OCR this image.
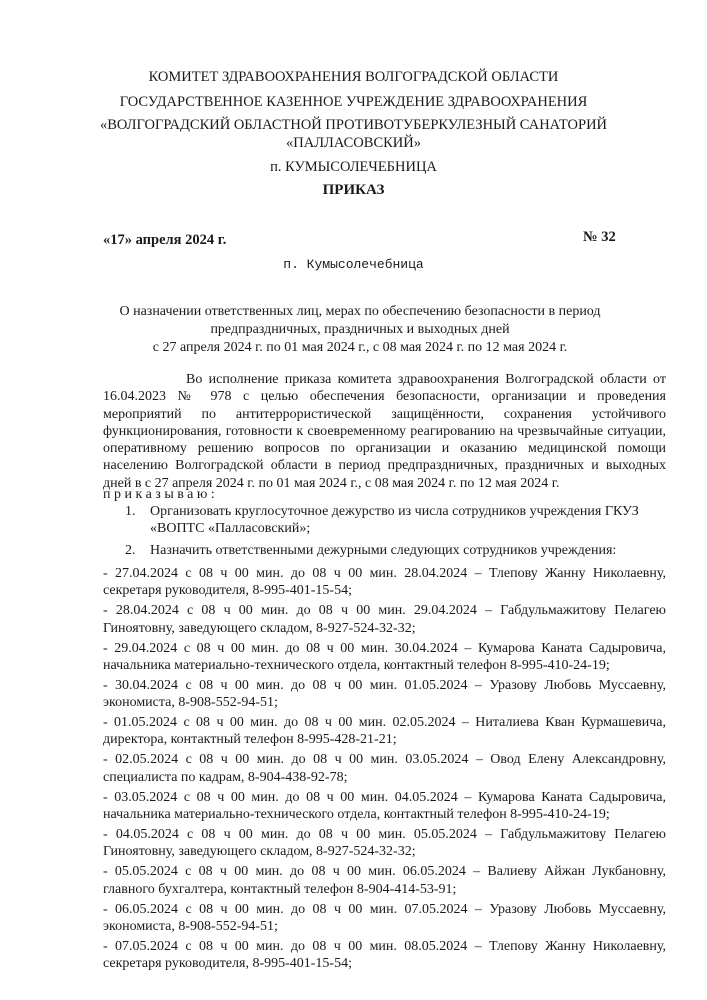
КОМИТЕТ ЗДРАВООХРАНЕНИЯ ВОЛГОГРАДСКОЙ ОБЛАСТИ
ГОСУДАРСТВЕННОЕ КАЗЕННОЕ УЧРЕЖДЕНИЕ ЗДРАВООХРАНЕНИЯ
«ВОЛГОГРАДСКИЙ ОБЛАСТНОЙ ПРОТИВОТУБЕРКУЛЕЗНЫЙ САНАТОРИЙ
«ПАЛЛАСОВСКИЙ»
п. КУМЫСОЛЕЧЕБНИЦА
ПРИКАЗ
«17» апреля 2024 г.	№ 32
п. Кумысолечебница
О назначении ответственных лиц, мерах по обеспечению безопасности в период
предпраздничных, праздничных и выходных дней
с 27 апреля 2024 г. по 01 мая 2024 г., с 08 мая 2024 г. по 12 мая 2024 г.
Во исполнение приказа комитета здравоохранения Волгоградской области от 16.04.2023 № 978 с целью обеспечения безопасности, организации и проведения мероприятий по антитеррористической защищённости, сохранения устойчивого функционирования, готовности к своевременному реагированию на чрезвычайные ситуации, оперативному решению вопросов по организации и оказанию медицинской помощи населению Волгоградской области в период предпраздничных, праздничных и выходных дней в с 27 апреля 2024 г. по 01 мая 2024 г., с 08 мая 2024 г. по 12 мая 2024 г.
приказываю:
1. Организовать круглосуточное дежурство из числа сотрудников учреждения ГКУЗ «ВОПТС «Палласовский»;
2. Назначить ответственными дежурными следующих сотрудников учреждения:
- 27.04.2024 с 08 ч 00 мин. до 08 ч 00 мин. 28.04.2024 – Тлепову Жанну Николаевну,
секретаря руководителя, 8-995-401-15-54;
- 28.04.2024 с 08 ч 00 мин. до 08 ч 00 мин. 29.04.2024 – Габдульмажитову Пелагею
Гиноятовну, заведующего складом, 8-927-524-32-32;
- 29.04.2024 с 08 ч 00 мин. до 08 ч 00 мин. 30.04.2024 – Кумарова Каната Садыровича,
начальника материально-технического отдела, контактный телефон 8-995-410-24-19;
- 30.04.2024 с 08 ч 00 мин. до 08 ч 00 мин. 01.05.2024 – Уразову Любовь Муссаевну,
экономиста, 8-908-552-94-51;
- 01.05.2024 с 08 ч 00 мин. до 08 ч 00 мин. 02.05.2024 – Ниталиева Кван Курмашевича,
директора, контактный телефон 8-995-428-21-21;
- 02.05.2024 с 08 ч 00 мин. до 08 ч 00 мин. 03.05.2024 – Овод Елену Александровну,
специалиста по кадрам, 8-904-438-92-78;
- 03.05.2024 с 08 ч 00 мин. до 08 ч 00 мин. 04.05.2024 – Кумарова Каната Садыровича,
начальника материально-технического отдела, контактный телефон 8-995-410-24-19;
- 04.05.2024 с 08 ч 00 мин. до 08 ч 00 мин. 05.05.2024 – Габдульмажитову Пелагею
Гиноятовну, заведующего складом, 8-927-524-32-32;
- 05.05.2024 с 08 ч 00 мин. до 08 ч 00 мин. 06.05.2024 – Валиеву Айжан Лукбановну,
главного бухгалтера, контактный телефон 8-904-414-53-91;
- 06.05.2024 с 08 ч 00 мин. до 08 ч 00 мин. 07.05.2024 – Уразову Любовь Муссаевну,
экономиста, 8-908-552-94-51;
- 07.05.2024 с 08 ч 00 мин. до 08 ч 00 мин. 08.05.2024 – Тлепову Жанну Николаевну,
секретаря руководителя, 8-995-401-15-54;
